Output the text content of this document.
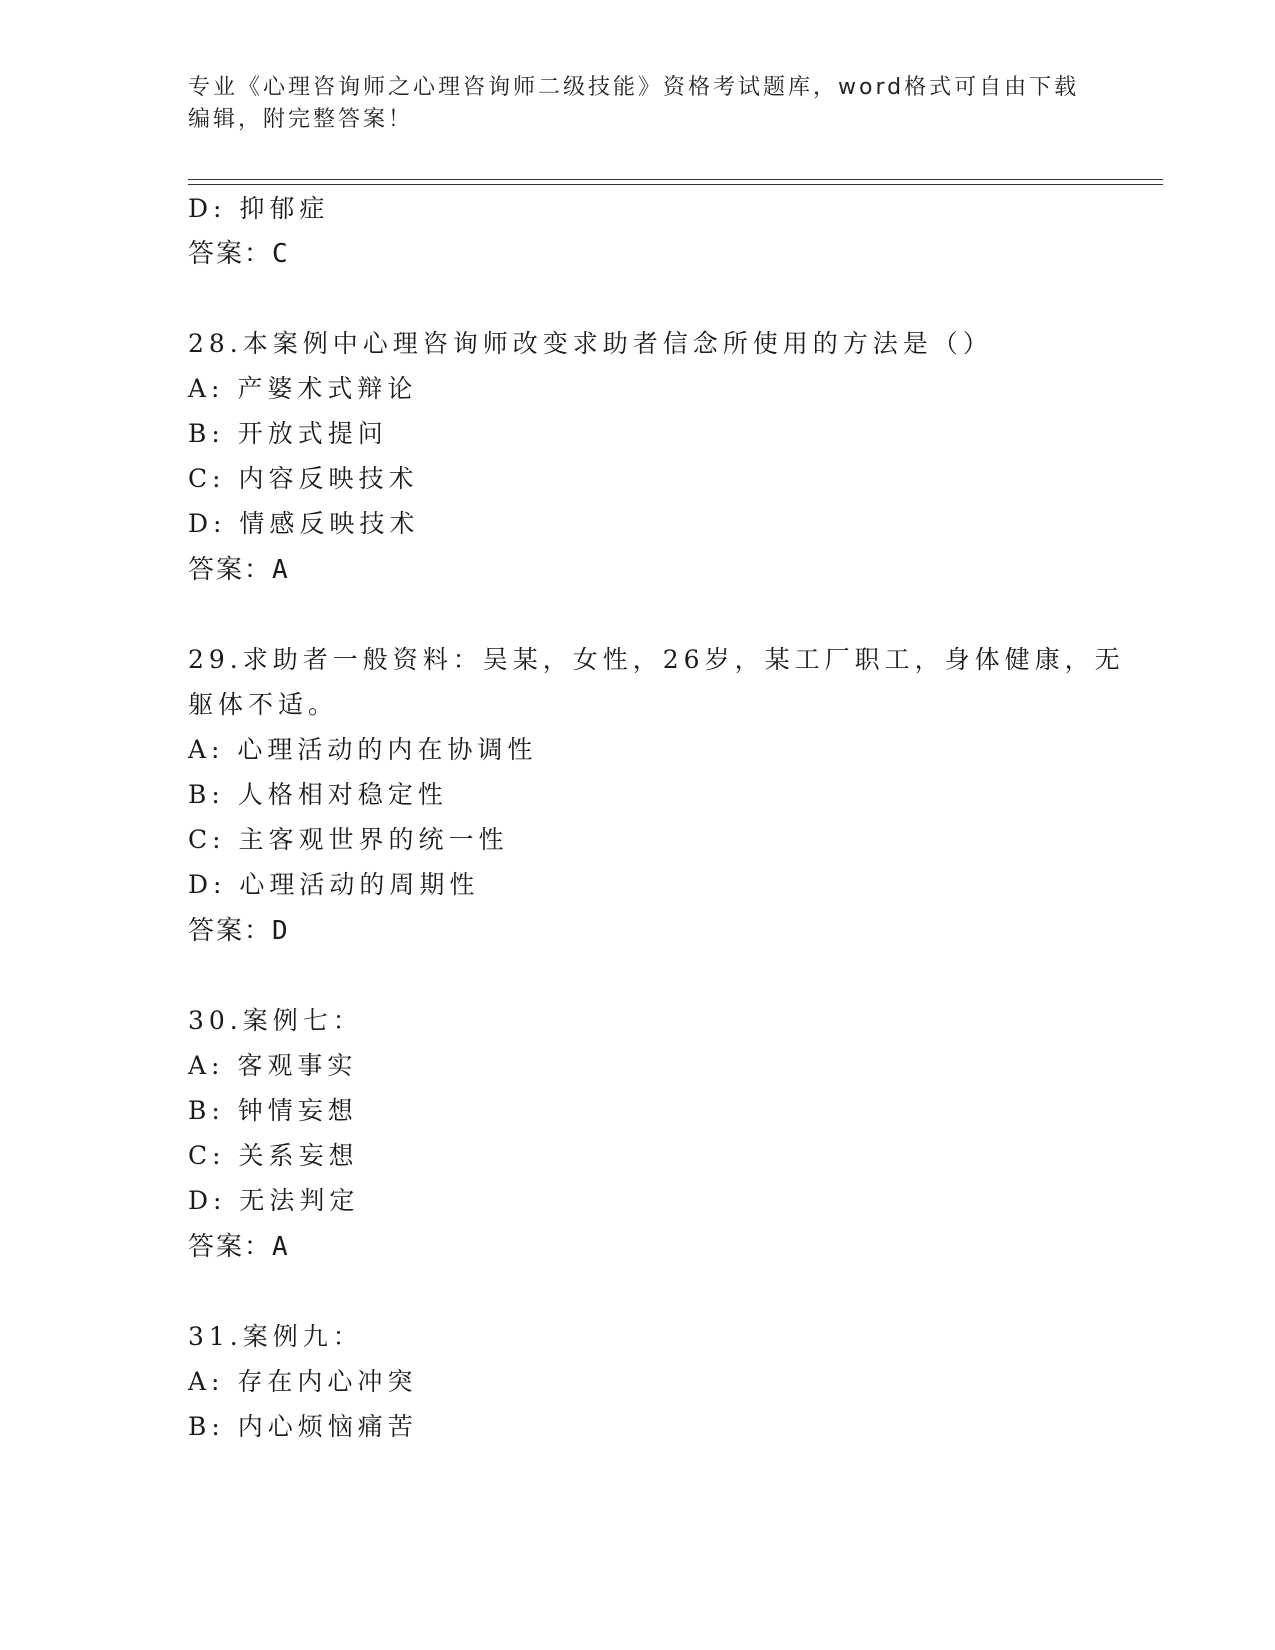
专业《心理咨询师之心理咨询师二级技能》资格考试题库，word格式可自由下载
编辑，附完整答案！
D: 抑郁症
答案：C
28.本案例中心理咨询师改变求助者信念所使用的方法是（）
A: 产婆术式辩论
B: 开放式提问
C: 内容反映技术
D: 情感反映技术
答案：A
29.求助者一般资料：吴某，女性，26岁，某工厂职工，身体健康，无
躯体不适。
A: 心理活动的内在协调性
B: 人格相对稳定性
C: 主客观世界的统一性
D: 心理活动的周期性
答案：D
30.案例七：
A: 客观事实
B: 钟情妄想
C: 关系妄想
D: 无法判定
答案：A
31.案例九：
A: 存在内心冲突
B: 内心烦恼痛苦
